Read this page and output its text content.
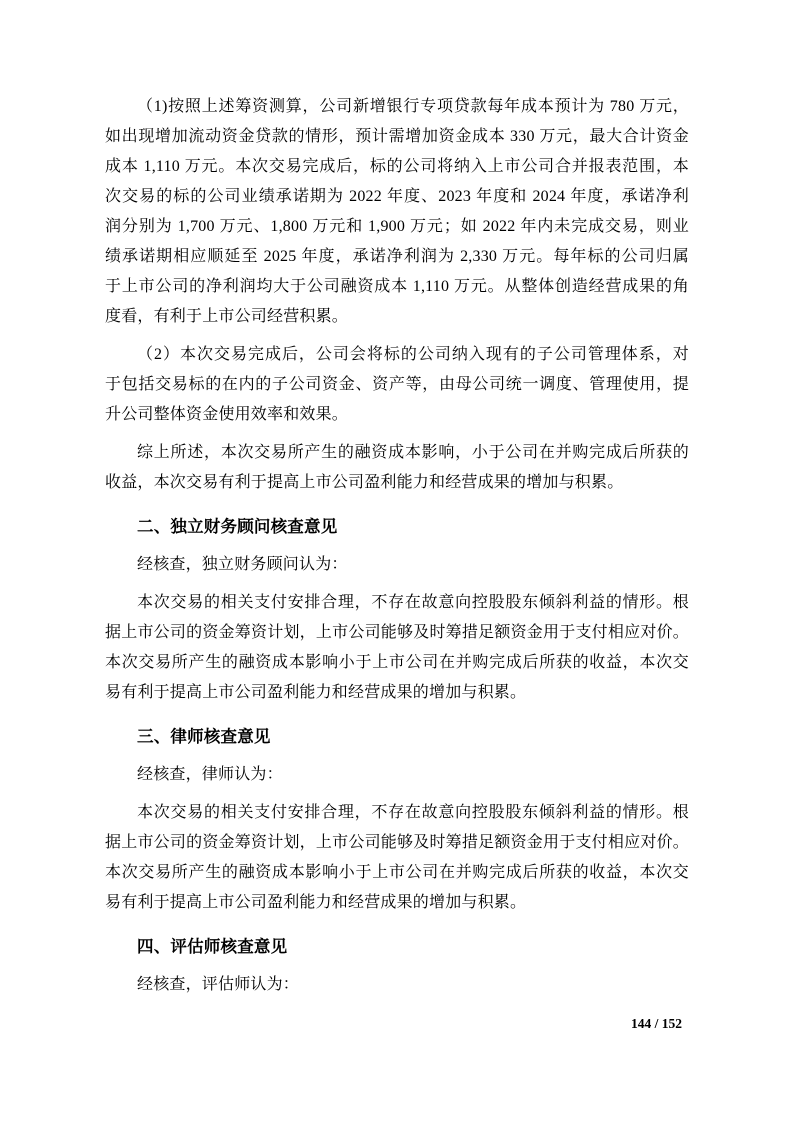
（1)按照上述筹资测算，公司新增银行专项贷款每年成本预计为 780 万元，
如出现增加流动资金贷款的情形，预计需增加资金成本 330 万元，最大合计资金
成本 1,110 万元。本次交易完成后，标的公司将纳入上市公司合并报表范围，本
次交易的标的公司业绩承诺期为 2022 年度、2023 年度和 2024 年度，承诺净利
润分别为 1,700 万元、1,800 万元和 1,900 万元；如 2022 年内未完成交易，则业
绩承诺期相应顺延至 2025 年度，承诺净利润为 2,330 万元。每年标的公司归属
于上市公司的净利润均大于公司融资成本 1,110 万元。从整体创造经营成果的角
度看，有利于上市公司经营积累。
（2）本次交易完成后，公司会将标的公司纳入现有的子公司管理体系，对
于包括交易标的在内的子公司资金、资产等，由母公司统一调度、管理使用，提
升公司整体资金使用效率和效果。
综上所述，本次交易所产生的融资成本影响，小于公司在并购完成后所获的
收益，本次交易有利于提高上市公司盈利能力和经营成果的增加与积累。
二、独立财务顾问核查意见
经核查，独立财务顾问认为：
本次交易的相关支付安排合理，不存在故意向控股股东倾斜利益的情形。根
据上市公司的资金筹资计划，上市公司能够及时筹措足额资金用于支付相应对价。
本次交易所产生的融资成本影响小于上市公司在并购完成后所获的收益，本次交
易有利于提高上市公司盈利能力和经营成果的增加与积累。
三、律师核查意见
经核查，律师认为：
本次交易的相关支付安排合理，不存在故意向控股股东倾斜利益的情形。根
据上市公司的资金筹资计划，上市公司能够及时筹措足额资金用于支付相应对价。
本次交易所产生的融资成本影响小于上市公司在并购完成后所获的收益，本次交
易有利于提高上市公司盈利能力和经营成果的增加与积累。
四、评估师核查意见
经核查，评估师认为：
144 / 152
